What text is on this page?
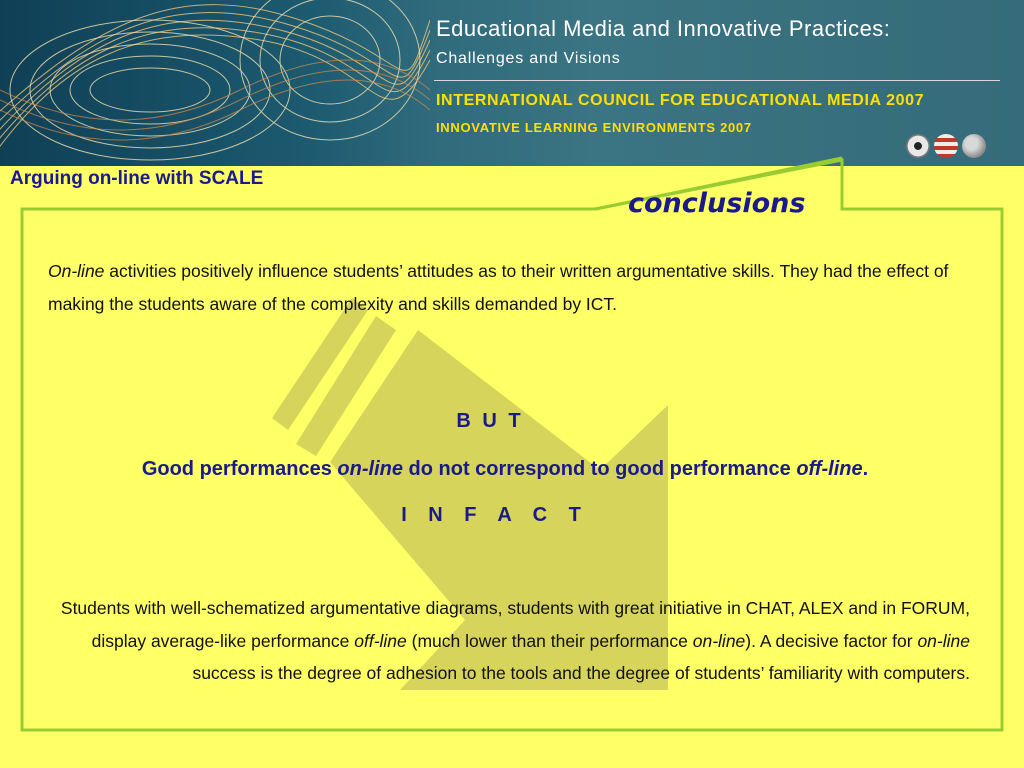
Educational Media and Innovative Practices:
Challenges and Visions
INTERNATIONAL COUNCIL FOR EDUCATIONAL MEDIA 2007
INNOVATIVE LEARNING ENVIRONMENTS 2007
Arguing on-line with SCALE
conclusions
On-line activities positively influence students’ attitudes as to their written argumentative skills. They had the effect of making the students aware of the complexity and skills demanded by ICT.
B U T
Good performances on-line do not correspond to good performance off-line.
I N F A C T
Students with well-schematized argumentative diagrams, students with great initiative in CHAT, ALEX and in FORUM, display average-like performance off-line (much lower than their performance on-line). A decisive factor for on-line success is the degree of adhesion to the tools and the degree of students’ familiarity with computers.
